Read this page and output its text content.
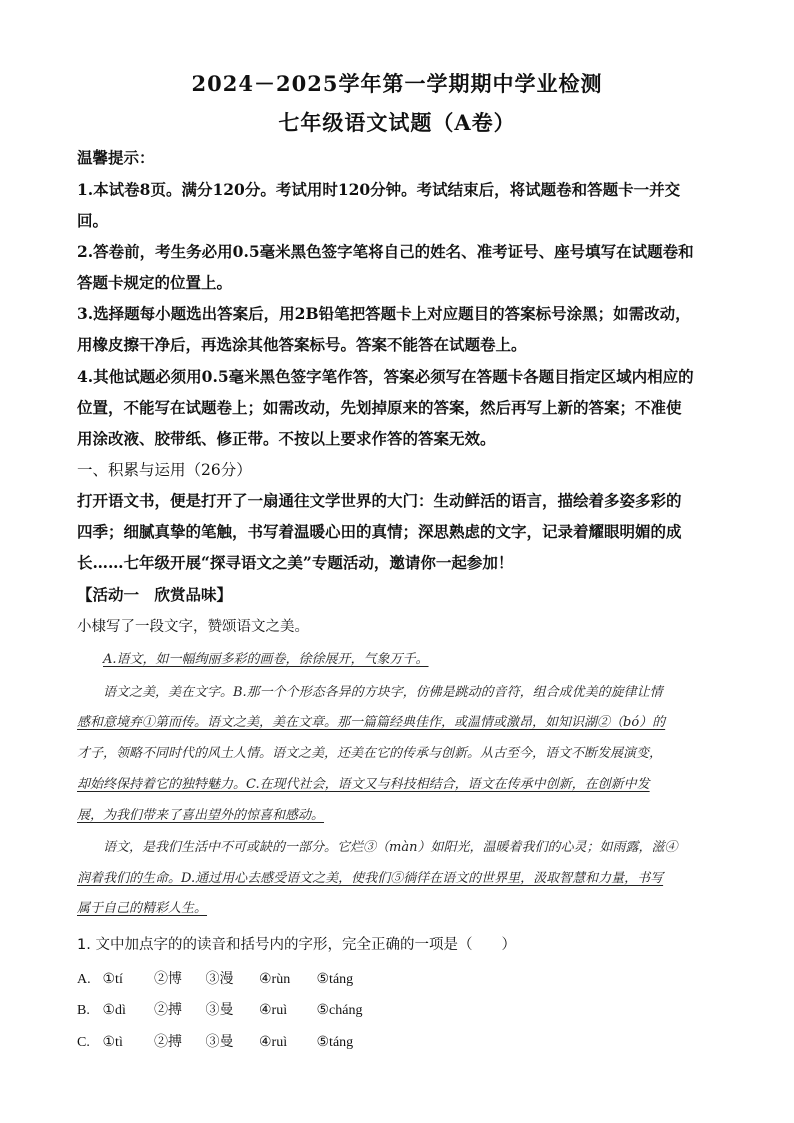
2024－2025学年第一学期期中学业检测
七年级语文试题（A卷）
温馨提示：
1.本试卷8页。满分120分。考试用时120分钟。考试结束后，将试题卷和答题卡一并交
回。
2.答卷前，考生务必用0.5毫米黑色签字笔将自己的姓名、准考证号、座号填写在试题卷和
答题卡规定的位置上。
3.选择题每小题选出答案后，用2B铅笔把答题卡上对应题目的答案标号涂黑；如需改动，
用橡皮擦干净后，再选涂其他答案标号。答案不能答在试题卷上。
4.其他试题必须用0.5毫米黑色签字笔作答，答案必须写在答题卡各题目指定区域内相应的
位置，不能写在试题卷上；如需改动，先划掉原来的答案，然后再写上新的答案；不准使
用涂改液、胶带纸、修正带。不按以上要求作答的答案无效。
一、积累与运用（26分）
打开语文书，便是打开了一扇通往文学世界的大门：生动鲜活的语言，描绘着多姿多彩的
四季；细腻真挚的笔触，书写着温暖心田的真情；深思熟虑的文字，记录着耀眼明媚的成
长……七年级开展“探寻语文之美”专题活动，邀请你一起参加！
【活动一　欣赏品味】
小棣写了一段文字，赞颂语文之美。
A.语文，如一幅绚丽多彩的画卷，徐徐展开，气象万千。
语文之美，美在文字。B.那一个个形态各异的方块字，仿佛是跳动的音符，组合成优美的旋律让情
感和意境弃①第而传。语文之美，美在文章。那一篇篇经典佳作，或温情或激昂，如知识湖②（bó）的
才子，领略不同时代的风土人情。语文之美，还美在它的传承与创新。从古至今，语文不断发展演变，
却始终保持着它的独特魅力。C.在现代社会，语文又与科技相结合，语文在传承中创新，在创新中发
展，为我们带来了喜出望外的惊喜和感动。
语文，是我们生活中不可或缺的一部分。它烂③（màn）如阳光，温暖着我们的心灵；如雨露，滋④
润着我们的生命。D.通过用心去感受语文之美，使我们⑤徜徉在语文的世界里，汲取智慧和力量，书写
属于自己的精彩人生。
1. 文中加点字的的读音和括号内的字形，完全正确的一项是（　　）
A. ①tí ②博 ③漫 ④rùn ⑤táng
B. ①dì ②搏 ③曼 ④ruì ⑤cháng
C. ①tì ②搏 ③曼 ④ruì ⑤táng
